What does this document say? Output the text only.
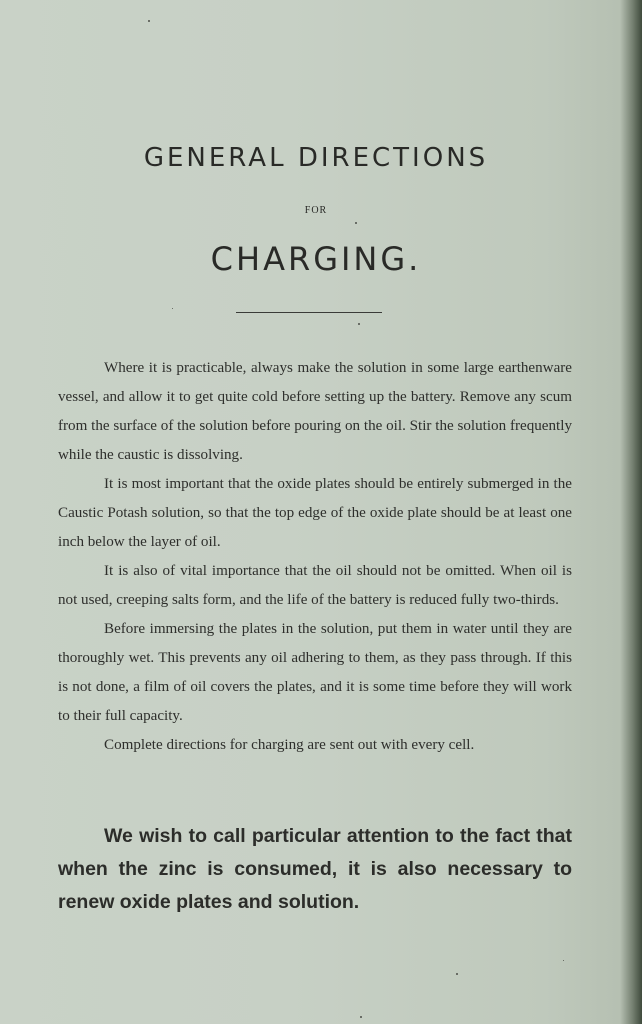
GENERAL DIRECTIONS
FOR
CHARGING.

Where it is practicable, always make the solution in some large earthenware vessel, and allow it to get quite cold before setting up the battery. Remove any scum from the surface of the solution before pouring on the oil. Stir the solution frequently while the caustic is dissolving.

It is most important that the oxide plates should be entirely submerged in the Caustic Potash solution, so that the top edge of the oxide plate should be at least one inch below the layer of oil.

It is also of vital importance that the oil should not be omitted. When oil is not used, creeping salts form, and the life of the battery is reduced fully two-thirds.

Before immersing the plates in the solution, put them in water until they are thoroughly wet. This prevents any oil adhering to them, as they pass through. If this is not done, a film of oil covers the plates, and it is some time before they will work to their full capacity.

Complete directions for charging are sent out with every cell.

We wish to call particular attention to the fact that when the zinc is consumed, it is also necessary to renew oxide plates and solution.
